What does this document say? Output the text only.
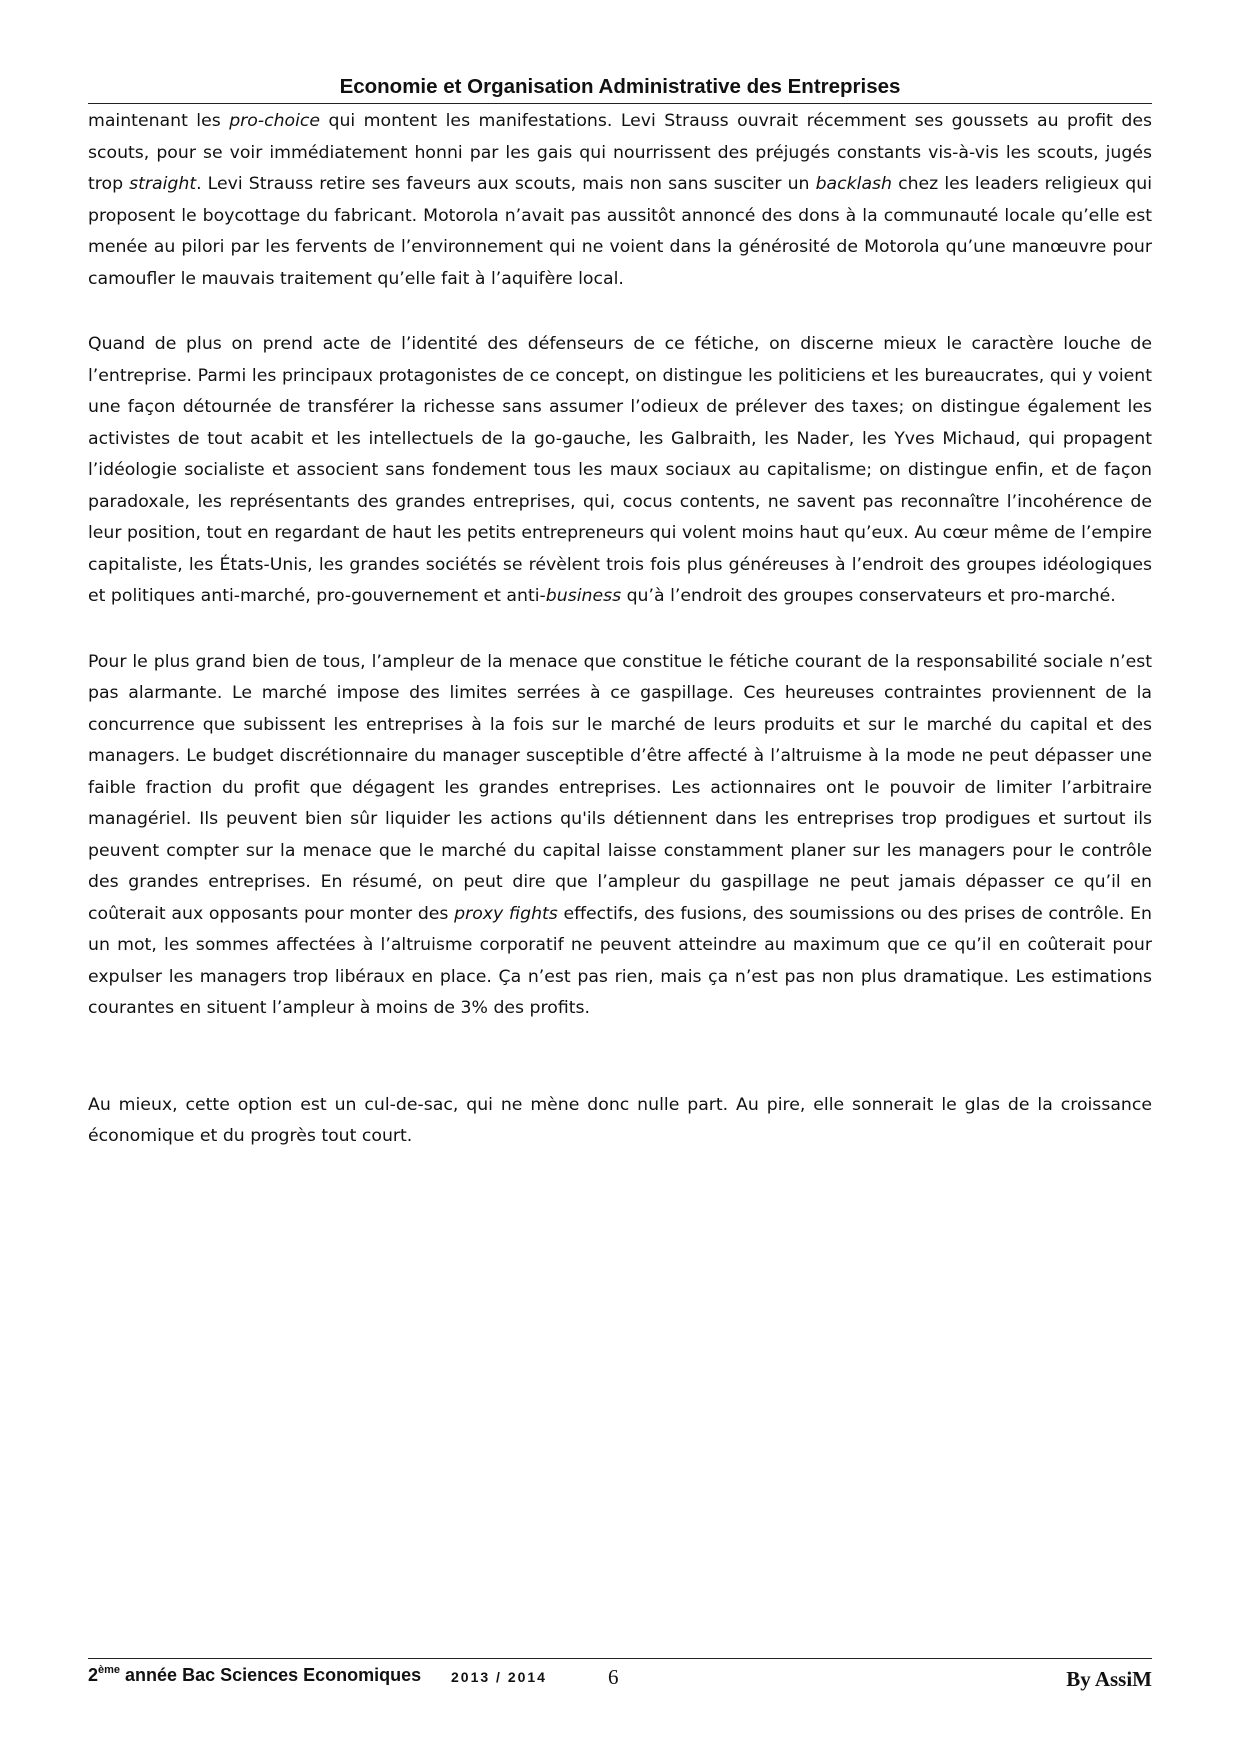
Economie et Organisation Administrative des Entreprises

maintenant les pro-choice qui montent les manifestations. Levi Strauss ouvrait récemment ses goussets au profit des scouts, pour se voir immédiatement honni par les gais qui nourrissent des préjugés constants vis-à-vis les scouts, jugés trop straight. Levi Strauss retire ses faveurs aux scouts, mais non sans susciter un backlash chez les leaders religieux qui proposent le boycottage du fabricant. Motorola n’avait pas aussitôt annoncé des dons à la communauté locale qu’elle est menée au pilori par les fervents de l’environnement qui ne voient dans la générosité de Motorola qu’une manœuvre pour camoufler le mauvais traitement qu’elle fait à l’aquifère local.

Quand de plus on prend acte de l’identité des défenseurs de ce fétiche, on discerne mieux le caractère louche de l’entreprise. Parmi les principaux protagonistes de ce concept, on distingue les politiciens et les bureaucrates, qui y voient une façon détournée de transférer la richesse sans assumer l’odieux de prélever des taxes; on distingue également les activistes de tout acabit et les intellectuels de la go-gauche, les Galbraith, les Nader, les Yves Michaud, qui propagent l’idéologie socialiste et associent sans fondement tous les maux sociaux au capitalisme; on distingue enfin, et de façon paradoxale, les représentants des grandes entreprises, qui, cocus contents, ne savent pas reconnaître l’incohérence de leur position, tout en regardant de haut les petits entrepreneurs qui volent moins haut qu’eux. Au cœur même de l’empire capitaliste, les États-Unis, les grandes sociétés se révèlent trois fois plus généreuses à l’endroit des groupes idéologiques et politiques anti-marché, pro-gouvernement et anti-business qu’à l’endroit des groupes conservateurs et pro-marché.

Pour le plus grand bien de tous, l’ampleur de la menace que constitue le fétiche courant de la responsabilité sociale n’est pas alarmante. Le marché impose des limites serrées à ce gaspillage. Ces heureuses contraintes proviennent de la concurrence que subissent les entreprises à la fois sur le marché de leurs produits et sur le marché du capital et des managers. Le budget discrétionnaire du manager susceptible d’être affecté à l’altruisme à la mode ne peut dépasser une faible fraction du profit que dégagent les grandes entreprises. Les actionnaires ont le pouvoir de limiter l’arbitraire managériel. Ils peuvent bien sûr liquider les actions qu'ils détiennent dans les entreprises trop prodigues et surtout ils peuvent compter sur la menace que le marché du capital laisse constamment planer sur les managers pour le contrôle des grandes entreprises. En résumé, on peut dire que l’ampleur du gaspillage ne peut jamais dépasser ce qu’il en coûterait aux opposants pour monter des proxy fights effectifs, des fusions, des soumissions ou des prises de contrôle. En un mot, les sommes affectées à l’altruisme corporatif ne peuvent atteindre au maximum que ce qu’il en coûterait pour expulser les managers trop libéraux en place. Ça n’est pas rien, mais ça n’est pas non plus dramatique. Les estimations courantes en situent l’ampleur à moins de 3% des profits.

Au mieux, cette option est un cul-de-sac, qui ne mène donc nulle part. Au pire, elle sonnerait le glas de la croissance économique et du progrès tout court.

2ème année Bac Sciences Economiques 2013 / 2014	6	By AssiM
